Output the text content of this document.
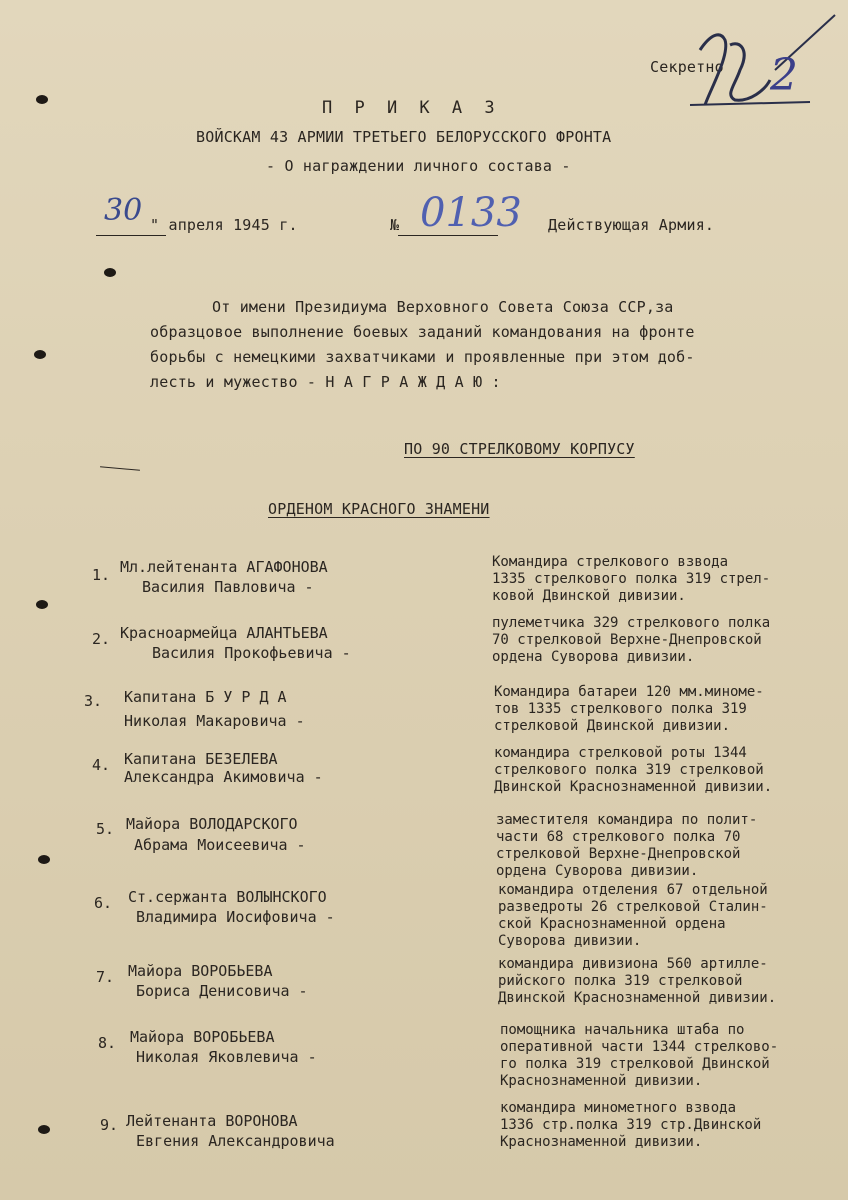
Секретно 2
П Р И К А З
ВОЙСКАМ 43 АРМИИ ТРЕТЬЕГО БЕЛОРУССКОГО ФРОНТА
- О награждении личного состава -
30 " апреля 1945 г.	№ 0133 Действующая Армия.
От имени Президиума Верховного Совета Союза ССР,за
образцовое выполнение боевых заданий командования на фронте
борьбы с немецкими захватчиками и проявленные при этом доб-
лесть и мужество - Н А Г Р А Ж Д А Ю :
ПО 90 СТРЕЛКОВОМУ КОРПУСУ
ОРДЕНОМ КРАСНОГО ЗНАМЕНИ
1. Мл.лейтенанта АГАФОНОВА
Василия Павловича -
Командира стрелкового взвода
1335 стрелкового полка 319 стрел-
ковой Двинской дивизии.
2. Красноармейца АЛАНТЬЕВА
Василия Прокофьевича -
пулеметчика 329 стрелкового полка
70 стрелковой Верхне-Днепровской
ордена Суворова дивизии.
3. Капитана Б У Р Д А
Николая Макаровича -
Командира батареи 120 мм.миноме-
тов 1335 стрелкового полка 319
стрелковой Двинской дивизии.
4. Капитана БЕЗЕЛЕВА
Александра Акимовича -
командира стрелковой роты 1344
стрелкового полка 319 стрелковой
Двинской Краснознаменной дивизии.
5. Майора ВОЛОДАРСКОГО
Абрама Моисеевича -
заместителя командира по полит-
части 68 стрелкового полка 70
стрелковой Верхне-Днепровской
ордена Суворова дивизии.
6. Ст.сержанта ВОЛЫНСКОГО
Владимира Иосифовича -
командира отделения 67 отдельной
разведроты 26 стрелковой Сталин-
ской Краснознаменной ордена
Суворова дивизии.
7. Майора ВОРОБЬЕВА
Бориса Денисовича -
командира дивизиона 560 артилле-
рийского полка 319 стрелковой
Двинской Краснознаменной дивизии.
8. Майора ВОРОБЬЕВА
Николая Яковлевича -
помощника начальника штаба по
оперативной части 1344 стрелково-
го полка 319 стрелковой Двинской
Краснознаменной дивизии.
9. Лейтенанта ВОРОНОВА
Евгения Александровича
командира минометного взвода
1336 стр.полка 319 стр.Двинской
Краснознаменной дивизии.
